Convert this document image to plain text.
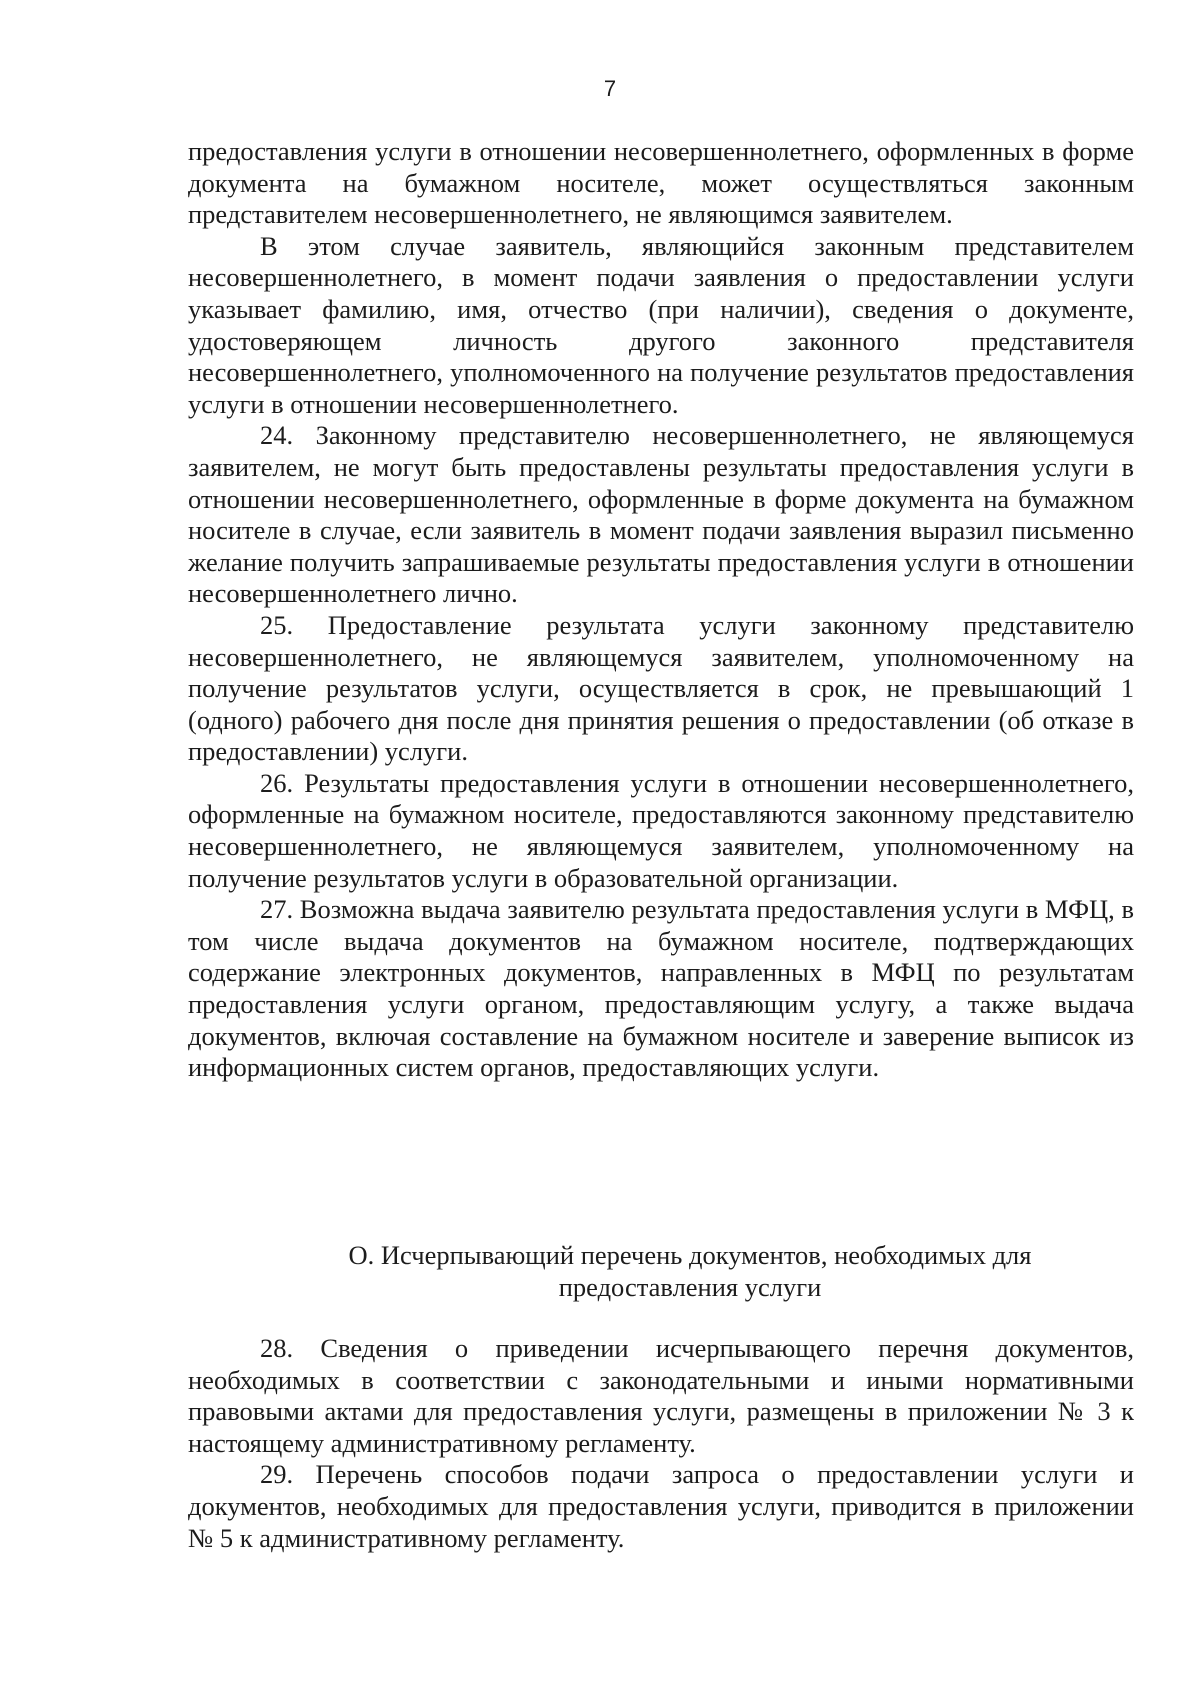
7

предоставления услуги в отношении несовершеннолетнего, оформленных в форме документа на бумажном носителе, может осуществляться законным представителем несовершеннолетнего, не являющимся заявителем.

В этом случае заявитель, являющийся законным представителем несовершеннолетнего, в момент подачи заявления о предоставлении услуги указывает фамилию, имя, отчество (при наличии), сведения о документе, удостоверяющем личность другого законного представителя несовершеннолетнего, уполномоченного на получение результатов предоставления услуги в отношении несовершеннолетнего.

24. Законному представителю несовершеннолетнего, не являющемуся заявителем, не могут быть предоставлены результаты предоставления услуги в отношении несовершеннолетнего, оформленные в форме документа на бумажном носителе в случае, если заявитель в момент подачи заявления выразил письменно желание получить запрашиваемые результаты предоставления услуги в отношении несовершеннолетнего лично.

25. Предоставление результата услуги законному представителю несовершеннолетнего, не являющемуся заявителем, уполномоченному на получение результатов услуги, осуществляется в срок, не превышающий 1 (одного) рабочего дня после дня принятия решения о предоставлении (об отказе в предоставлении) услуги.

26. Результаты предоставления услуги в отношении несовершеннолетнего, оформленные на бумажном носителе, предоставляются законному представителю несовершеннолетнего, не являющемуся заявителем, уполномоченному на получение результатов услуги в образовательной организации.

27. Возможна выдача заявителю результата предоставления услуги в МФЦ, в том числе выдача документов на бумажном носителе, подтверждающих содержание электронных документов, направленных в МФЦ по результатам предоставления услуги органом, предоставляющим услугу, а также выдача документов, включая составление на бумажном носителе и заверение выписок из информационных систем органов, предоставляющих услуги.

О. Исчерпывающий перечень документов, необходимых для
предоставления услуги

28. Сведения о приведении исчерпывающего перечня документов, необходимых в соответствии с законодательными и иными нормативными правовыми актами для предоставления услуги, размещены в приложении № 3 к настоящему административному регламенту.

29. Перечень способов подачи запроса о предоставлении услуги и документов, необходимых для предоставления услуги, приводится в приложении № 5 к административному регламенту.
